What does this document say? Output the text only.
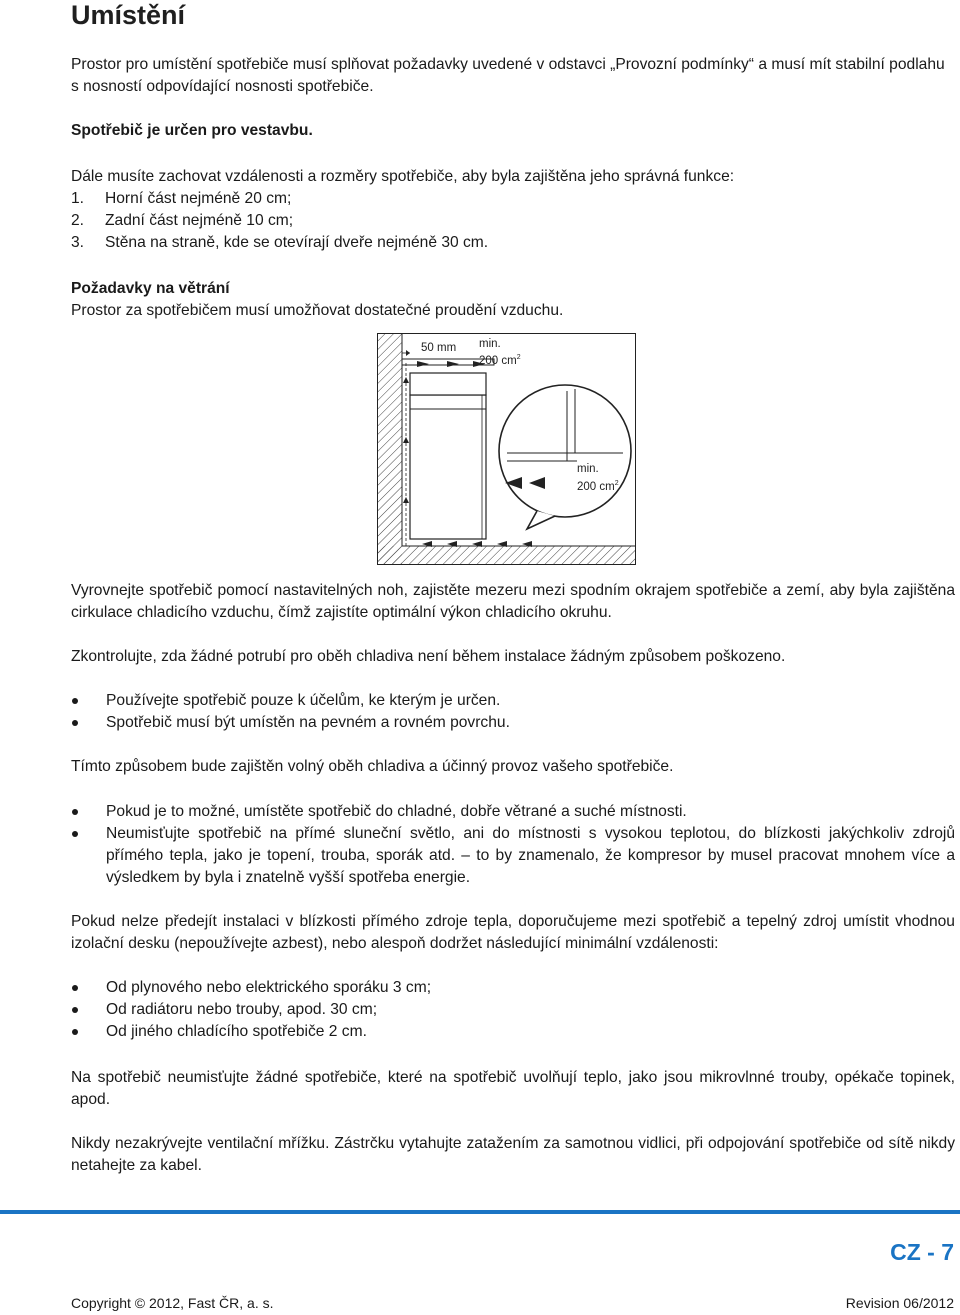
Umístění

Prostor pro umístění spotřebiče musí splňovat požadavky uvedené v odstavci „Provozní podmínky“ a musí mít stabilní podlahu s nosností odpovídající nosnosti spotřebiče.

Spotřebič je určen pro vestavbu.

Dále musíte zachovat vzdálenosti a rozměry spotřebiče, aby byla zajištěna jeho správná funkce:

1. Horní část nejméně 20 cm;
2. Zadní část nejméně 10 cm;
3. Stěna na straně, kde se otevírají dveře nejméně 30 cm.

Požadavky na větrání

Prostor za spotřebičem musí umožňovat dostatečné proudění vzduchu.

50 mm min.
200 $cm^2$
min.
200 $cm^2$

Vyrovnejte spotřebič pomocí nastavitelných noh, zajistěte mezeru mezi spodním okrajem spotřebiče a zemí, aby byla zajištěna cirkulace chladicího vzduchu, čímž zajistíte optimální výkon chladicího okruhu.

Zkontrolujte, zda žádné potrubí pro oběh chladiva není během instalace žádným způsobem poškozeno.

Používejte spotřebič pouze k účelům, ke kterým je určen.
Spotřebič musí být umístěn na pevném a rovném povrchu.

Tímto způsobem bude zajištěn volný oběh chladiva a účinný provoz vašeho spotřebiče.

Pokud je to možné, umístěte spotřebič do chladné, dobře větrané a suché místnosti.
Neumisťujte spotřebič na přímé sluneční světlo, ani do místnosti s vysokou teplotou, do blízkosti jakýchkoliv zdrojů přímého tepla, jako je topení, trouba, sporák atd. – to by znamenalo, že kompresor by musel pracovat mnohem více a výsledkem by byla i znatelně vyšší spotřeba energie.

Pokud nelze předejít instalaci v blízkosti přímého zdroje tepla, doporučujeme mezi spotřebič a tepelný zdroj umístit vhodnou izolační desku (nepoužívejte azbest), nebo alespoň dodržet následující minimální vzdálenosti:

Od plynového nebo elektrického sporáku 3 cm;
Od radiátoru nebo trouby, apod. 30 cm;
Od jiného chladícího spotřebiče 2 cm.

Na spotřebič neumisťujte žádné spotřebiče, které na spotřebič uvolňují teplo, jako jsou mikrovlnné trouby, opékače topinek, apod.

Nikdy nezakrývejte ventilační mřížku. Zástrčku vytahujte zatažením za samotnou vidlici, při odpojování spotřebiče od sítě nikdy netahejte za kabel.

CZ - 7
Copyright © 2012, Fast ČR, a. s.	Revision 06/2012
